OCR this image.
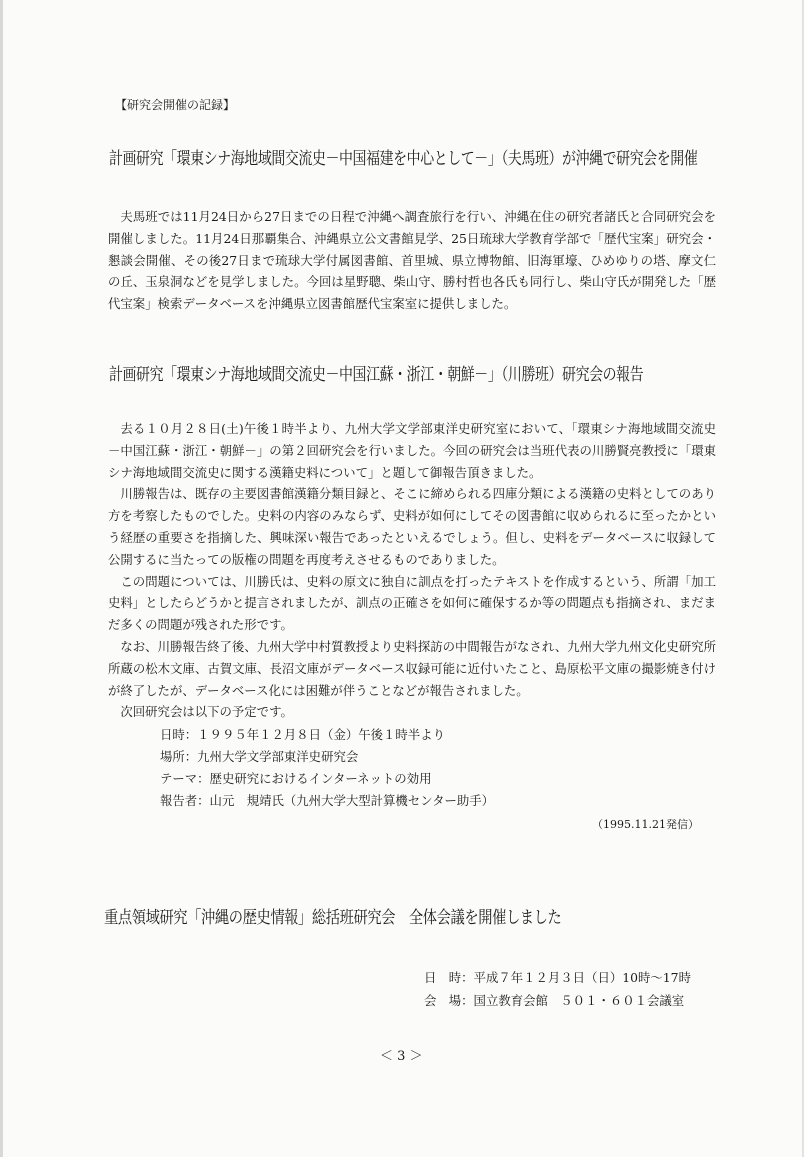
【研究会開催の記録】
計画研究「環東シナ海地域間交流史－中国福建を中心として－」（夫馬班）が沖縄で研究会を開催

夫馬班では11月24日から27日までの日程で沖縄へ調査旅行を行い、沖縄在住の研究者諸氏と合同研究会を開催しました。11月24日那覇集合、沖縄県立公文書館見学、25日琉球大学教育学部で「歴代宝案」研究会・懇談会開催、その後27日まで琉球大学付属図書館、首里城、県立博物館、旧海軍壕、ひめゆりの塔、摩文仁の丘、玉泉洞などを見学しました。今回は星野聰、柴山守、勝村哲也各氏も同行し、柴山守氏が開発した「歴代宝案」検索データベースを沖縄県立図書館歴代宝案室に提供しました。

計画研究「環東シナ海地域間交流史－中国江蘇・浙江・朝鮮－」（川勝班）研究会の報告

去る１０月２８日(土)午後１時半より、九州大学文学部東洋史研究室において、「環東シナ海地域間交流史－中国江蘇・浙江・朝鮮－」の第２回研究会を行いました。今回の研究会は当班代表の川勝賢亮教授に「環東シナ海地域間交流史に関する漢籍史料について」と題して御報告頂きました。

川勝報告は、既存の主要図書館漢籍分類目録と、そこに締められる四庫分類による漢籍の史料としてのあり方を考察したものでした。史料の内容のみならず、史料が如何にしてその図書館に収められるに至ったかという経歴の重要さを指摘した、興味深い報告であったといえるでしょう。但し、史料をデータベースに収録して公開するに当たっての版権の問題を再度考えさせるものでありました。

この問題については、川勝氏は、史料の原文に独自に訓点を打ったテキストを作成するという、所謂「加工史料」としたらどうかと提言されましたが、訓点の正確さを如何に確保するか等の問題点も指摘され、まだまだ多くの問題が残された形です。

なお、川勝報告終了後、九州大学中村質教授より史料探訪の中間報告がなされ、九州大学九州文化史研究所所蔵の松木文庫、古賀文庫、長沼文庫がデータベース収録可能に近付いたこと、島原松平文庫の撮影焼き付けが終了したが、データベース化には困難が伴うことなどが報告されました。

次回研究会は以下の予定です。

日時：１９９５年１２月８日（金）午後１時半より
場所：九州大学文学部東洋史研究会
テーマ：歴史研究におけるインターネットの効用
報告者：山元　規靖氏（九州大学大型計算機センター助手）
（1995.11.21発信）
重点領域研究「沖縄の歴史情報」総括班研究会　全体会議を開催しました
日　時：平成７年１２月３日（日）10時～17時
会　場：国立教育会館　５０１・６０１会議室
＜ 3 ＞
